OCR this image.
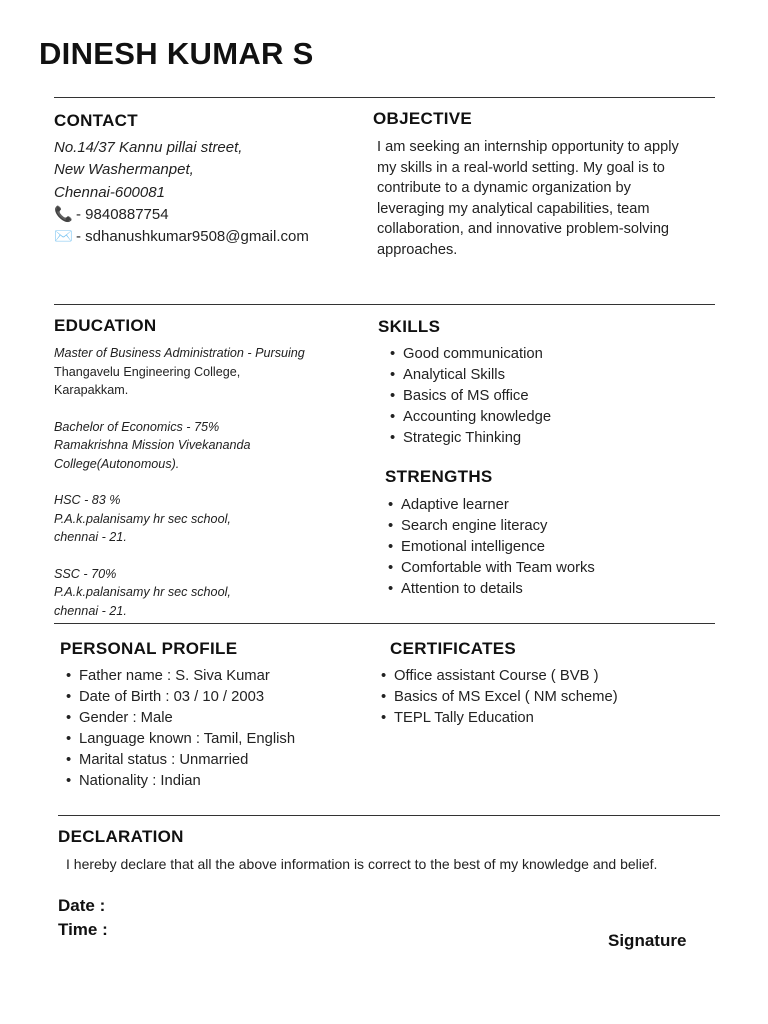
DINESH KUMAR S
CONTACT
No.14/37 Kannu pillai street,
New Washermanpet,
Chennai-600081
📞 - 9840887754
✉️ - sdhanushkumar9508@gmail.com
OBJECTIVE
I am seeking an internship opportunity to apply
my skills in a real-world setting. My goal is to
contribute to a dynamic organization by
leveraging my analytical capabilities, team
collaboration, and innovative problem-solving
approaches.
EDUCATION
Master of Business Administration - Pursuing
Thangavelu Engineering College,
Karapakkam.
Bachelor of Economics - 75%
Ramakrishna Mission Vivekananda
College(Autonomous).
HSC - 83 %
P.A.k.palanisamy hr sec school,
chennai - 21.
SSC - 70%
P.A.k.palanisamy hr sec school,
chennai - 21.
SKILLS
• Good communication
• Analytical Skills
• Basics of MS office
• Accounting knowledge
• Strategic Thinking
STRENGTHS
• Adaptive learner
• Search engine literacy
• Emotional intelligence
• Comfortable with Team works
• Attention to details
PERSONAL PROFILE
• Father name : S. Siva Kumar
• Date of Birth : 03 / 10 / 2003
• Gender : Male
• Language known : Tamil, English
• Marital status : Unmarried
• Nationality : Indian
CERTIFICATES
• Office assistant Course ( BVB )
• Basics of MS Excel ( NM scheme)
• TEPL Tally Education
DECLARATION
I hereby declare that all the above information is correct to the best of my knowledge and belief.
Date :
Time :
Signature
